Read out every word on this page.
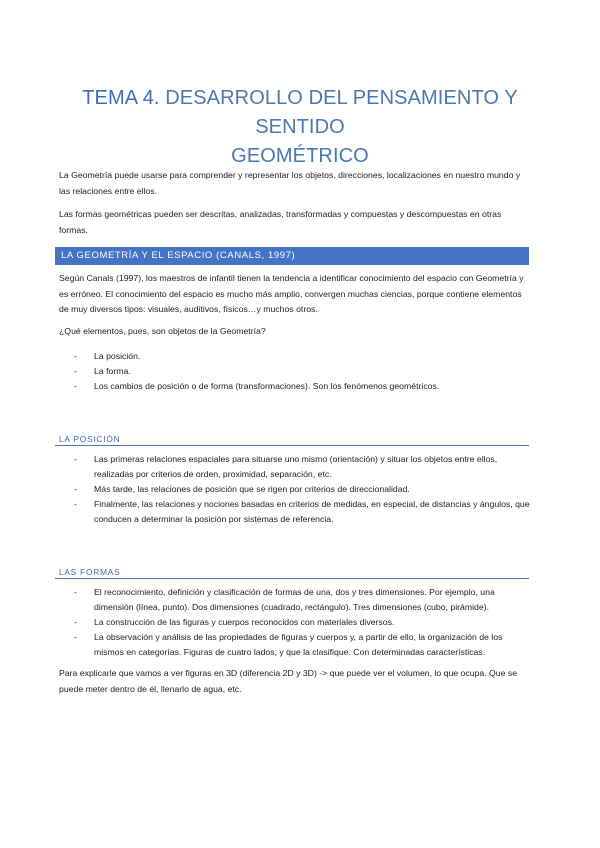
TEMA 4. DESARROLLO DEL PENSAMIENTO Y SENTIDO
GEOMÉTRICO

La Geometría puede usarse para comprender y representar los objetos, direcciones, localizaciones en nuestro mundo y las relaciones entre ellos.

Las formas geométricas pueden ser descritas, analizadas, transformadas y compuestas y descompuestas en otras formas.

LA GEOMETRÍA Y EL ESPACIO (CANALS, 1997)

Según Canals (1997), los maestros de infantil tienen la tendencia a identificar conocimiento del espacio con Geometría y es erróneo. El conocimiento del espacio es mucho más amplio, convergen muchas ciencias, porque contiene elementos de muy diversos tipos: visuales, auditivos, físicos…y muchos otros.

¿Qué elementos, pues, son objetos de la Geometría?

- La posición.
- La forma.
- Los cambios de posición o de forma (transformaciones). Son los fenómenos geométricos.
LA POSICIÓN
- Las primeras relaciones espaciales para situarse uno mismo (orientación) y situar los objetos entre ellos, realizadas por criterios de orden, proximidad, separación, etc.
- Más tarde, las relaciones de posición que se rigen por criterios de direccionalidad.
- Finalmente, las relaciones y nociones basadas en criterios de medidas, en especial, de distancias y ángulos, que conducen a determinar la posición por sistemas de referencia.
LAS FORMAS
- El reconocimiento, definición y clasificación de formas de una, dos y tres dimensiones. Por ejemplo, una dimensión (línea, punto). Dos dimensiones (cuadrado, rectángulo). Tres dimensiones (cubo, pirámide).
- La construcción de las figuras y cuerpos reconocidos con materiales diversos.
- La observación y análisis de las propiedades de figuras y cuerpos y, a partir de ello, la organización de los mismos en categorías. Figuras de cuatro lados, y que la clasifique. Con determinadas características.

Para explicarle que vamos a ver figuras en 3D (diferencia 2D y 3D) -> que puede ver el volumen, lo que ocupa. Que se puede meter dentro de él, llenarlo de agua, etc.
